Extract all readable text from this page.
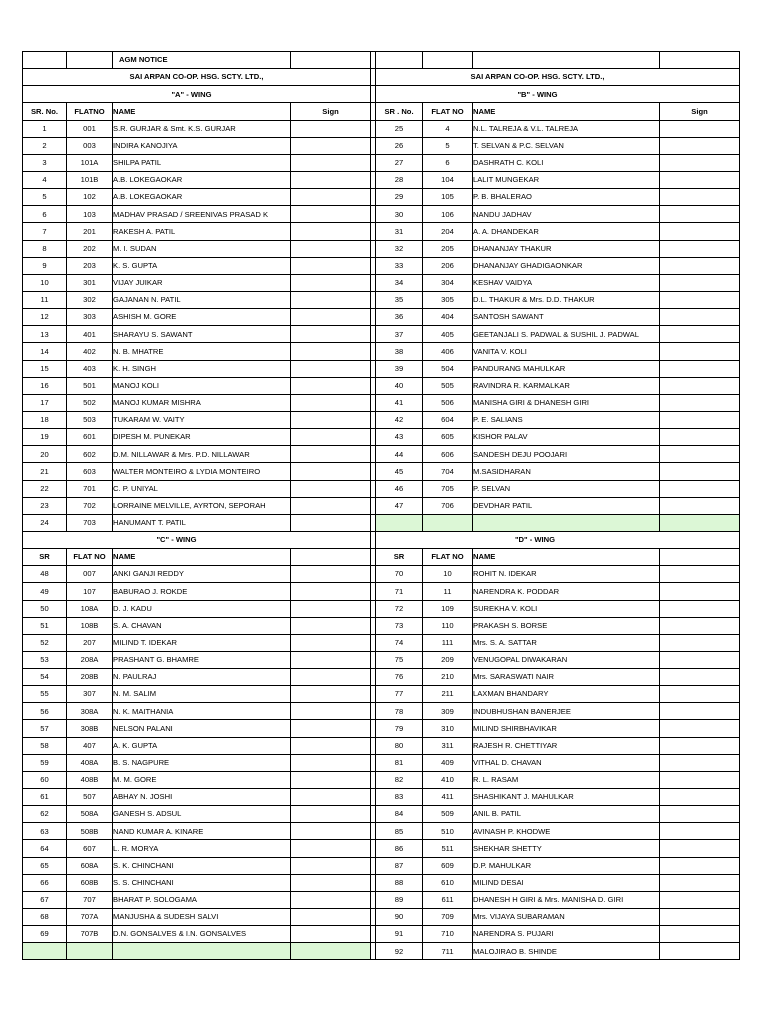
		AGM NOTICE						
SAI ARPAN CO-OP. HSG. SCTY. LTD.,					SAI ARPAN CO-OP. HSG. SCTY. LTD.,			
"A" - WING					"B" - WING			
SR. No.	FLATNO	NAME	Sign		SR . No.	FLAT NO	NAME	Sign
1	001	S.R. GURJAR & Smt. K.S. GURJAR			25	4	N.L. TALREJA & V.L. TALREJA	
2	003	INDIRA KANOJIYA			26	5	T. SELVAN & P.C. SELVAN	
3	101A	SHILPA PATIL			27	6	DASHRATH C. KOLI	
4	101B	A.B. LOKEGAOKAR			28	104	LALIT MUNGEKAR	
5	102	A.B. LOKEGAOKAR			29	105	P. B. BHALERAO	
6	103	MADHAV PRASAD / SREENIVAS PRASAD K			30	106	NANDU JADHAV	
7	201	RAKESH A. PATIL			31	204	A. A. DHANDEKAR	
8	202	M. I. SUDAN			32	205	DHANANJAY THAKUR	
9	203	K. S. GUPTA			33	206	DHANANJAY GHADIGAONKAR	
10	301	VIJAY JUIKAR			34	304	KESHAV VAIDYA	
11	302	GAJANAN N. PATIL			35	305	D.L. THAKUR & Mrs. D.D. THAKUR	
12	303	ASHISH M. GORE			36	404	SANTOSH SAWANT	
13	401	SHARAYU S. SAWANT			37	405	GEETANJALI S. PADWAL & SUSHIL J. PADWAL	
14	402	N. B. MHATRE			38	406	VANITA V. KOLI	
15	403	K. H. SINGH			39	504	PANDURANG MAHULKAR	
16	501	MANOJ KOLI			40	505	RAVINDRA R. KARMALKAR	
17	502	MANOJ KUMAR MISHRA			41	506	MANISHA GIRI & DHANESH GIRI	
18	503	TUKARAM W. VAITY			42	604	P. E. SALIANS	
19	601	DIPESH M. PUNEKAR			43	605	KISHOR PALAV	
20	602	D.M. NILLAWAR & Mrs. P.D. NILLAWAR			44	606	SANDESH DEJU POOJARI	
21	603	WALTER MONTEIRO & LYDIA MONTEIRO			45	704	M.SASIDHARAN	
22	701	C. P. UNIYAL			46	705	P. SELVAN	
23	702	LORRAINE MELVILLE, AYRTON, SEPORAH			47	706	DEVDHAR PATIL	
24	703	HANUMANT T. PATIL						
"C" - WING					"D" - WING			
SR	FLAT NO	NAME			SR	FLAT NO	NAME	
48	007	ANKI GANJI REDDY			70	10	ROHIT N. IDEKAR	
49	107	BABURAO J. ROKDE			71	11	NARENDRA K. PODDAR	
50	108A	D. J. KADU			72	109	SUREKHA V. KOLI	
51	108B	S. A. CHAVAN			73	110	PRAKASH S. BORSE	
52	207	MILIND T. IDEKAR			74	111	Mrs. S. A. SATTAR	
53	208A	PRASHANT G. BHAMRE			75	209	VENUGOPAL DIWAKARAN	
54	208B	N. PAULRAJ			76	210	Mrs. SARASWATI NAIR	
55	307	N. M. SALIM			77	211	LAXMAN BHANDARY	
56	308A	N. K. MAITHANIA			78	309	INDUBHUSHAN BANERJEE	
57	308B	NELSON PALANI			79	310	MILIND SHIRBHAVIKAR	
58	407	A. K. GUPTA			80	311	RAJESH R. CHETTIYAR	
59	408A	B. S. NAGPURE			81	409	VITHAL D. CHAVAN	
60	408B	M. M. GORE			82	410	R. L. RASAM	
61	507	ABHAY N. JOSHI			83	411	SHASHIKANT J. MAHULKAR	
62	508A	GANESH S. ADSUL			84	509	ANIL B. PATIL	
63	508B	NAND KUMAR A. KINARE			85	510	AVINASH P. KHODWE	
64	607	L. R. MORYA			86	511	SHEKHAR SHETTY	
65	608A	S. K. CHINCHANI			87	609	D.P. MAHULKAR	
66	608B	S. S. CHINCHANI			88	610	MILIND DESAI	
67	707	BHARAT P. SOLOGAMA			89	611	DHANESH H GIRI & Mrs. MANISHA D. GIRI	
68	707A	MANJUSHA & SUDESH SALVI			90	709	Mrs. VIJAYA SUBARAMAN	
69	707B	D.N. GONSALVES & I.N. GONSALVES			91	710	NARENDRA S. PUJARI	
					92	711	MALOJIRAO B. SHINDE	
